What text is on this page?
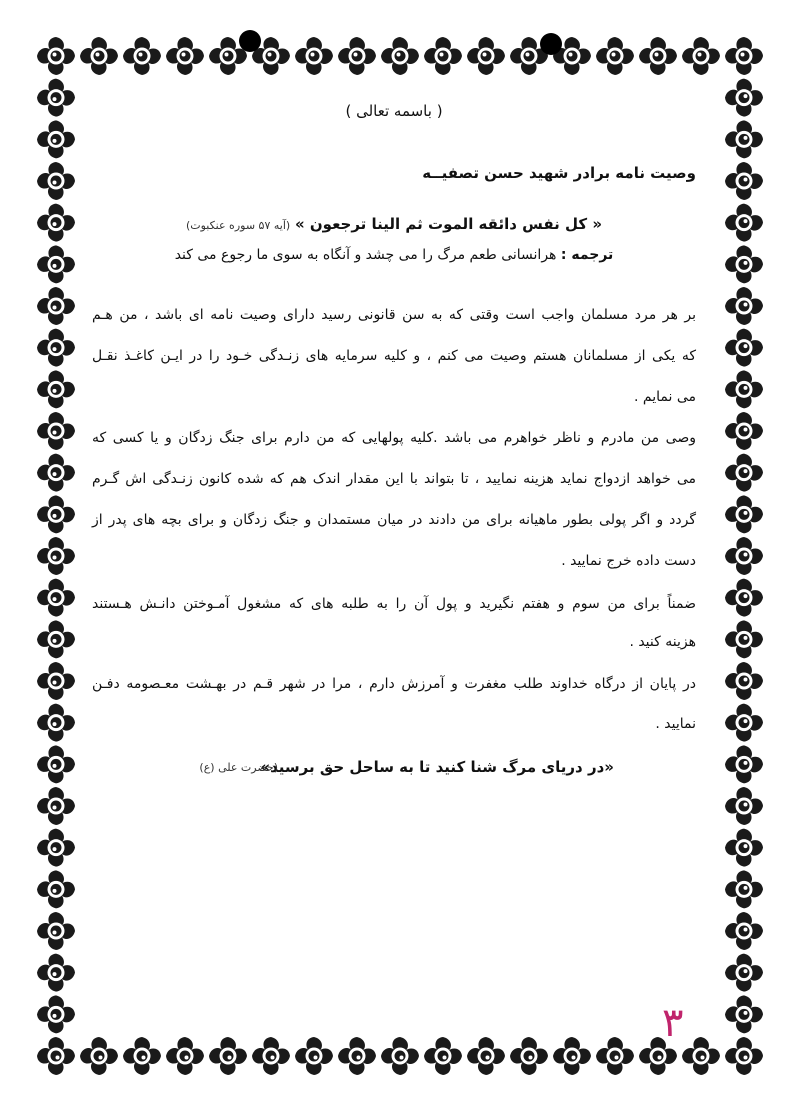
( باسمه تعالی )
وصیت نامه برادر شهید حسن تصفیــه
« کل نفس دائقه الموت ثم الینا ترجعون » (آیه ۵۷ سوره عنکبوت)
ترجمه : هرانسانی طعم مرگ را می چشد و آنگاه به سوی ما رجوع می کند
بر هر مرد مسلمان واجب است وقتی که به سن قانونی رسید دارای وصیت نامه ای باشد ، من هـم
که یکی از مسلمانان هستم وصیت می کنم ، و کلیه سرمایه های زنـدگی خـود را در ایـن کاغـذ نقـل
می نمایم .
وصی من مادرم و ناظر خواهرم می باشد .کلیه پولهایی که من دارم برای جنگ زدگان و یا کسی که
می خواهد ازدواج نماید هزینه نمایید ، تا بتواند با این مقدار اندک هم که شده کانون زنـدگی اش گـرم
گردد و اگر پولی بطور ماهیانه برای من دادند در میان مستمدان و جنگ زدگان و برای بچه های پدر از
دست داده خرج نمایید .
ضمناً برای من سوم و هفتم نگیرید و پول آن را به طلبه های که مشغول آمـوختن دانـش هـستند
هزینه کنید .
در پایان از درگاه خداوند طلب مغفرت و آمرزش دارم ، مرا در شهر قـم در بهـشت معـصومه دفـن
نمایید .
«در دریای مرگ شنا کنید تا به ساحل حق برسید»
(حضرت علی (ع)
۳
